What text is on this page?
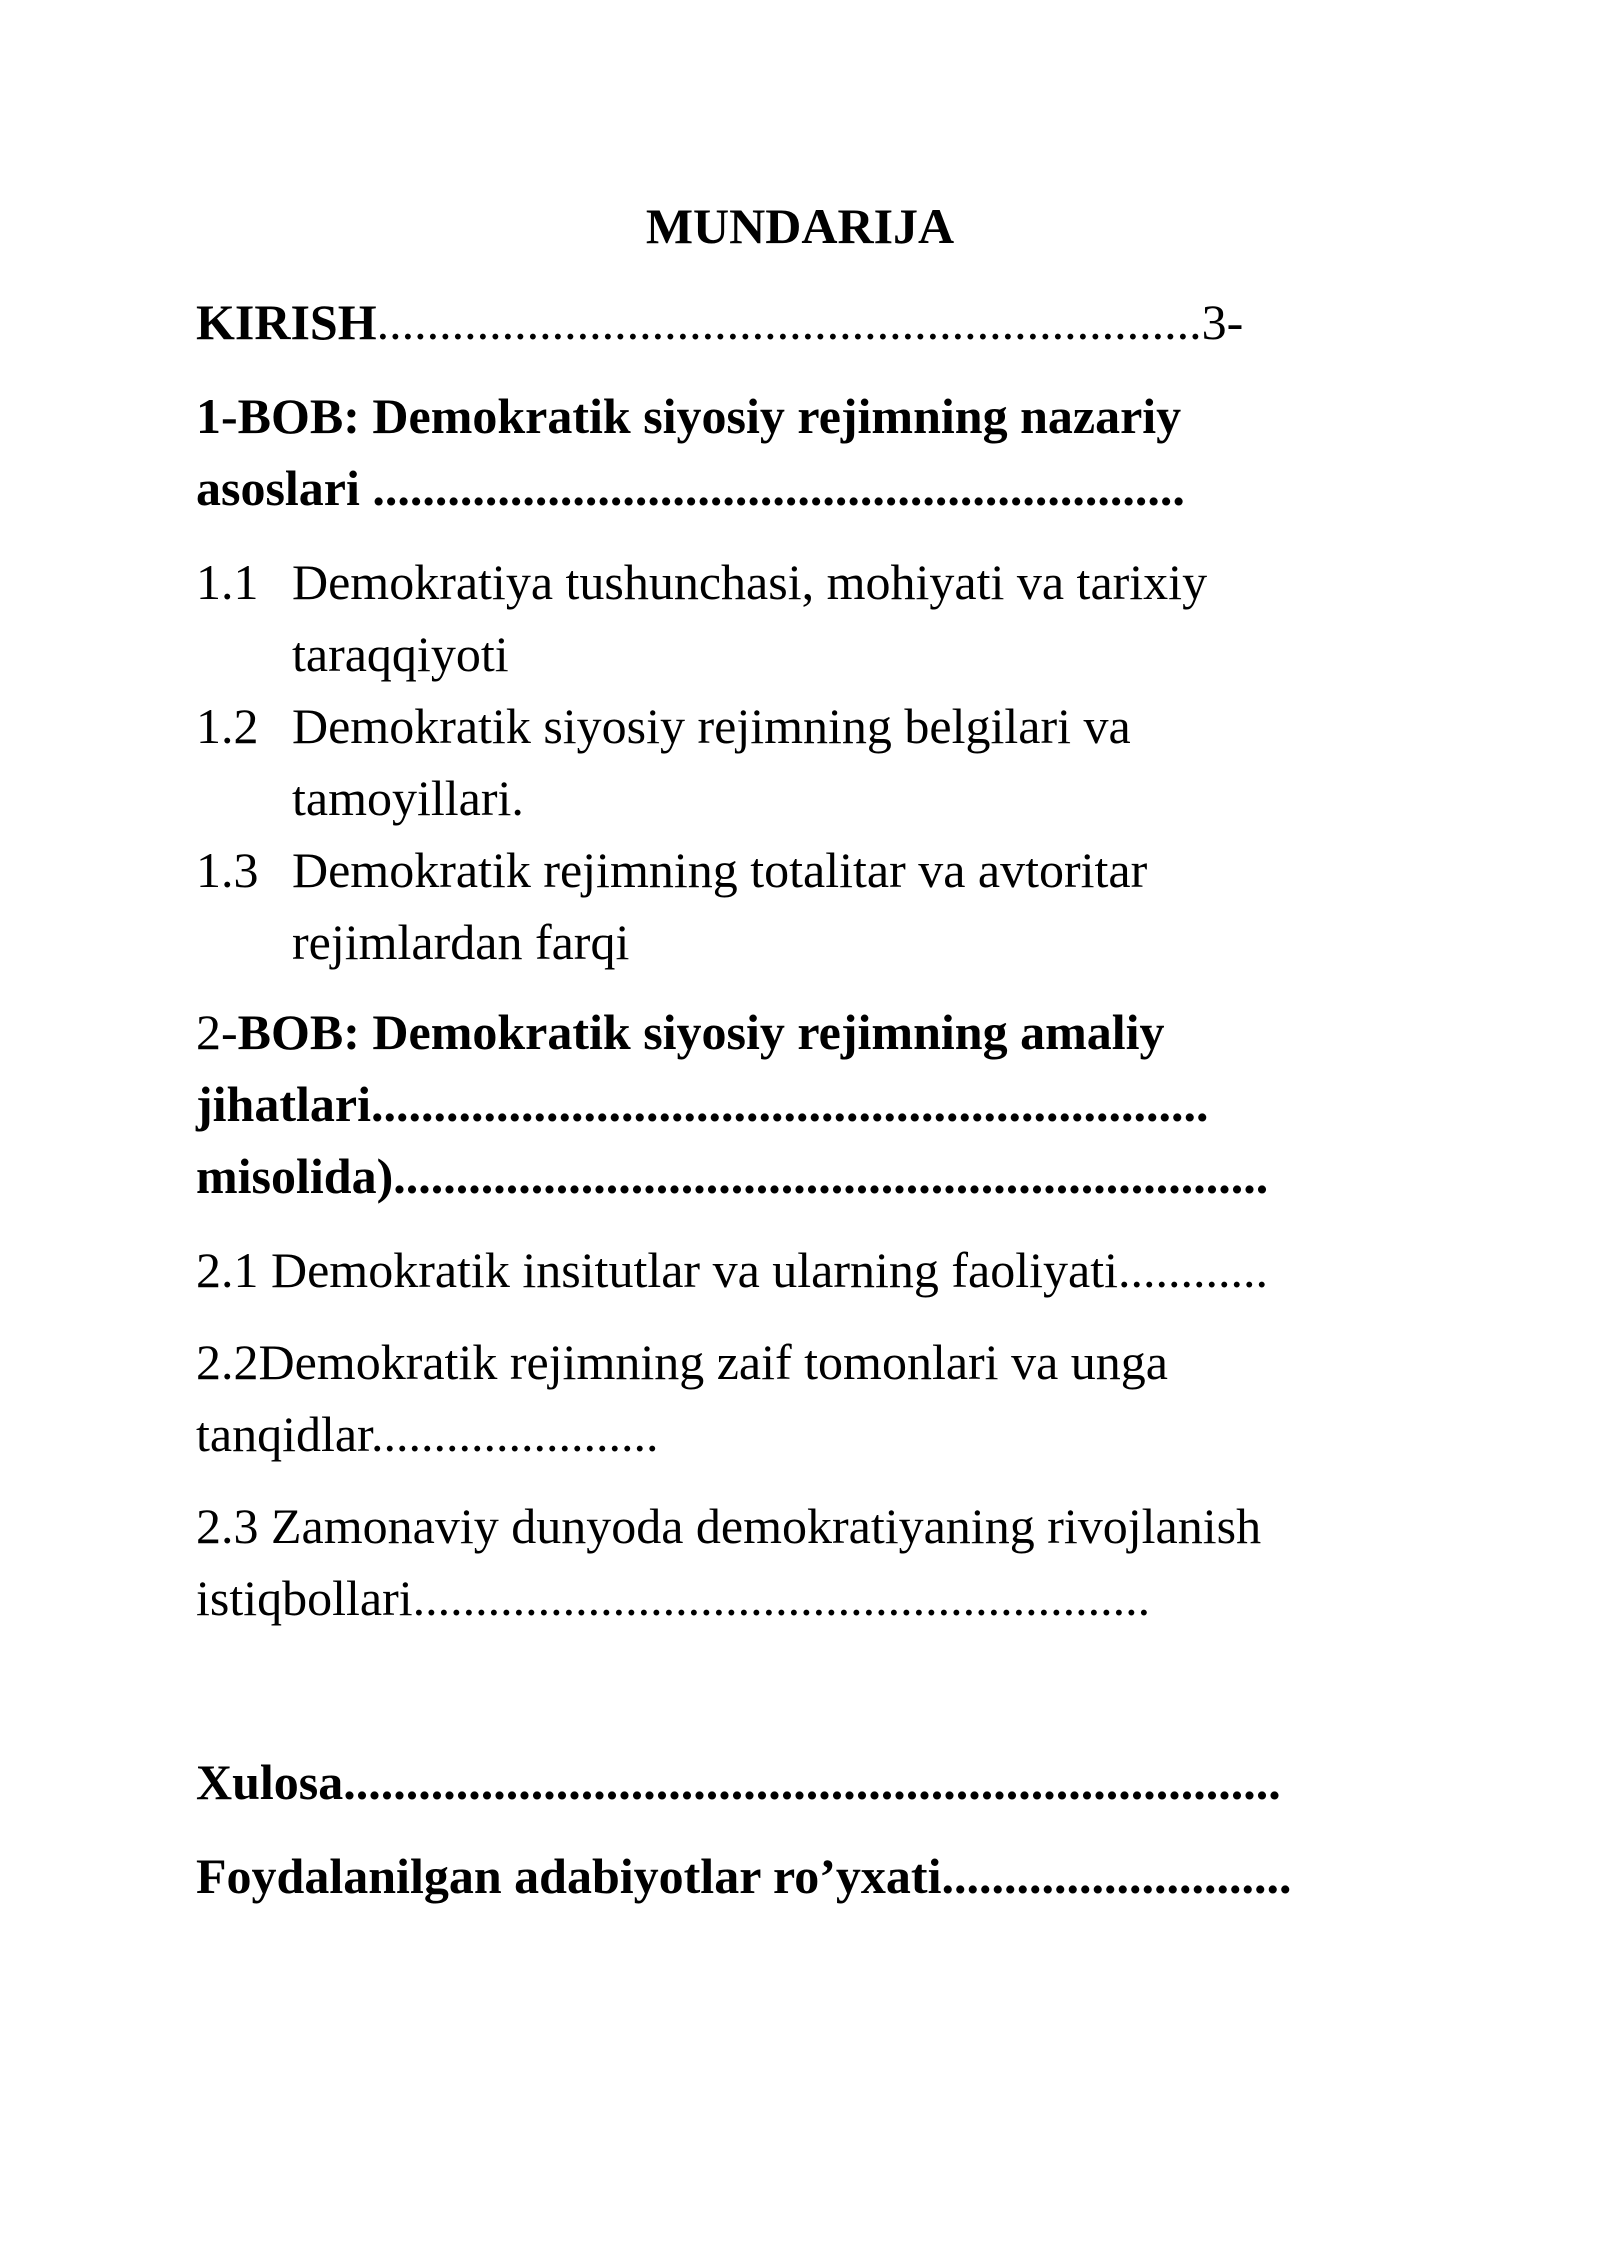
MUNDARIJA

KIRISH..................................................................3-

1-BOB: Demokratik siyosiy rejimning nazariy

asoslari .................................................................

1.1 Demokratiya tushunchasi, mohiyati va tarixiy

taraqqiyoti

1.2 Demokratik siyosiy rejimning belgilari va

tamoyillari.

1.3 Demokratik rejimning totalitar va avtoritar

rejimlardan farqi

2-BOB: Demokratik siyosiy rejimning amaliy

jihatlari...................................................................

misolida)......................................................................

2.1 Demokratik insitutlar va ularning faoliyati............

2.2Demokratik rejimning zaif tomonlari va unga

tanqidlar.......................

2.3 Zamonaviy dunyoda demokratiyaning rivojlanish

istiqbollari...........................................................

Xulosa...........................................................................

Foydalanilgan adabiyotlar ro’yxati............................
